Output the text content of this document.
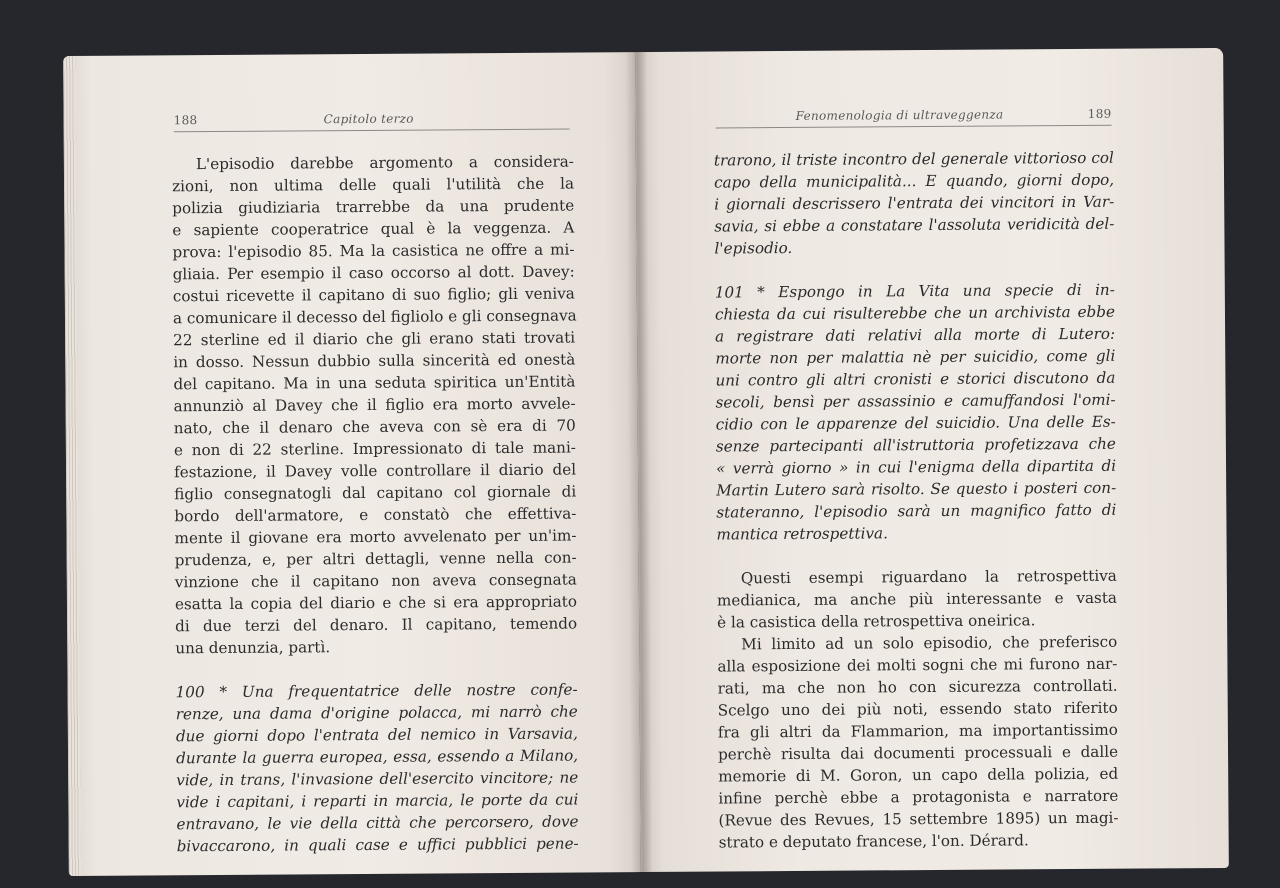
188	Capitolo terzo
L'episodio darebbe argomento a considera-
zioni, non ultima delle quali l'utilità che la
polizia giudiziaria trarrebbe da una prudente
e sapiente cooperatrice qual è la veggenza. A
prova: l'episodio 85. Ma la casistica ne offre a mi-
gliaia. Per esempio il caso occorso al dott. Davey:
costui ricevette il capitano di suo figlio; gli veniva
a comunicare il decesso del figliolo e gli consegnava
22 sterline ed il diario che gli erano stati trovati
in dosso. Nessun dubbio sulla sincerità ed onestà
del capitano. Ma in una seduta spiritica un'Entità
annunziò al Davey che il figlio era morto avvele-
nato, che il denaro che aveva con sè era di 70
e non di 22 sterline. Impressionato di tale mani-
festazione, il Davey volle controllare il diario del
figlio consegnatogli dal capitano col giornale di
bordo dell'armatore, e constatò che effettiva-
mente il giovane era morto avvelenato per un'im-
prudenza, e, per altri dettagli, venne nella con-
vinzione che il capitano non aveva consegnata
esatta la copia del diario e che si era appropriato
di due terzi del denaro. Il capitano, temendo
una denunzia, partì.
100 * Una frequentatrice delle nostre confe-
renze, una dama d'origine polacca, mi narrò che
due giorni dopo l'entrata del nemico in Varsavia,
durante la guerra europea, essa, essendo a Milano,
vide, in trans, l'invasione dell'esercito vincitore; ne
vide i capitani, i reparti in marcia, le porte da cui
entravano, le vie della città che percorsero, dove
bivaccarono, in quali case e uffici pubblici pene-
Fenomenologia di ultraveggenza	189
trarono, il triste incontro del generale vittorioso col
capo della municipalità... E quando, giorni dopo,
i giornali descrissero l'entrata dei vincitori in Var-
savia, si ebbe a constatare l'assoluta veridicità del-
l'episodio.
101 * Espongo in La Vita una specie di in-
chiesta da cui risulterebbe che un archivista ebbe
a registrare dati relativi alla morte di Lutero:
morte non per malattia nè per suicidio, come gli
uni contro gli altri cronisti e storici discutono da
secoli, bensì per assassinio e camuffandosi l'omi-
cidio con le apparenze del suicidio. Una delle Es-
senze partecipanti all'istruttoria profetizzava che
« verrà giorno » in cui l'enigma della dipartita di
Martin Lutero sarà risolto. Se questo i posteri con-
stateranno, l'episodio sarà un magnifico fatto di
mantica retrospettiva.
Questi esempi riguardano la retrospettiva
medianica, ma anche più interessante e vasta
è la casistica della retrospettiva oneirica.
Mi limito ad un solo episodio, che preferisco
alla esposizione dei molti sogni che mi furono nar-
rati, ma che non ho con sicurezza controllati.
Scelgo uno dei più noti, essendo stato riferito
fra gli altri da Flammarion, ma importantissimo
perchè risulta dai documenti processuali e dalle
memorie di M. Goron, un capo della polizia, ed
infine perchè ebbe a protagonista e narratore
(Revue des Revues, 15 settembre 1895) un magi-
strato e deputato francese, l'on. Dérard.
